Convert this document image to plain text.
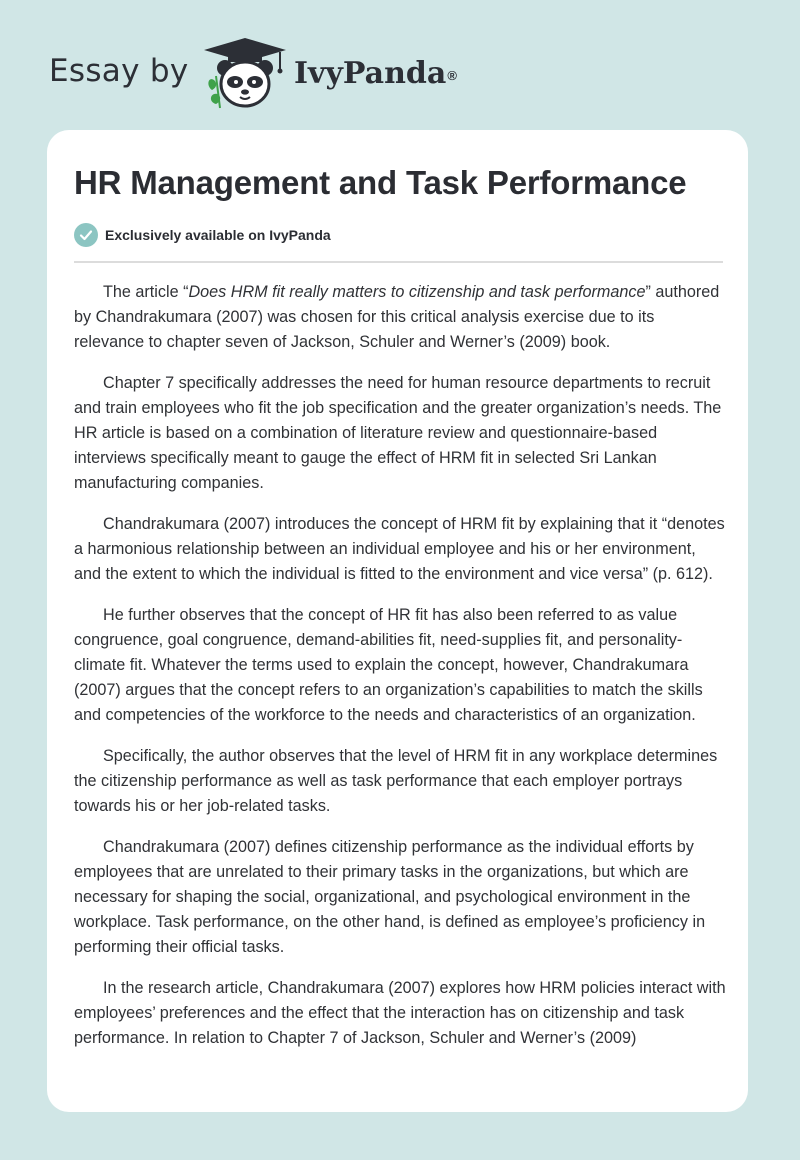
Essay by	IvyPanda®
HR Management and Task Performance
Exclusively available on IvyPanda

The article “Does HRM fit really matters to citizenship and task performance” authored by Chandrakumara (2007) was chosen for this critical analysis exercise due to its relevance to chapter seven of Jackson, Schuler and Werner’s (2009) book.

Chapter 7 specifically addresses the need for human resource departments to recruit and train employees who fit the job specification and the greater organization’s needs. The HR article is based on a combination of literature review and questionnaire-based interviews specifically meant to gauge the effect of HRM fit in selected Sri Lankan manufacturing companies.

Chandrakumara (2007) introduces the concept of HRM fit by explaining that it “denotes a harmonious relationship between an individual employee and his or her environment, and the extent to which the individual is fitted to the environment and vice versa” (p. 612).

He further observes that the concept of HR fit has also been referred to as value congruence, goal congruence, demand-abilities fit, need-supplies fit, and personality-climate fit. Whatever the terms used to explain the concept, however, Chandrakumara (2007) argues that the concept refers to an organization’s capabilities to match the skills and competencies of the workforce to the needs and characteristics of an organization.

Specifically, the author observes that the level of HRM fit in any workplace determines the citizenship performance as well as task performance that each employer portrays towards his or her job-related tasks.

Chandrakumara (2007) defines citizenship performance as the individual efforts by employees that are unrelated to their primary tasks in the organizations, but which are necessary for shaping the social, organizational, and psychological environment in the workplace. Task performance, on the other hand, is defined as employee’s proficiency in performing their official tasks.

In the research article, Chandrakumara (2007) explores how HRM policies interact with employees’ preferences and the effect that the interaction has on citizenship and task performance. In relation to Chapter 7 of Jackson, Schuler and Werner’s (2009)
